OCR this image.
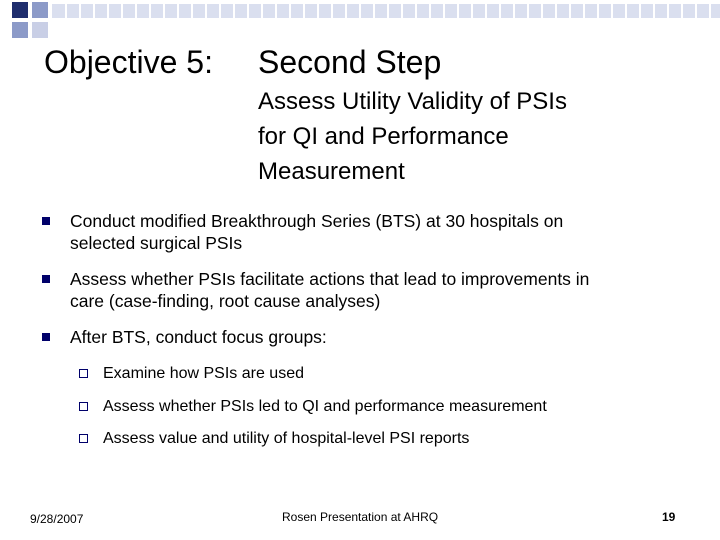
Objective 5: Second Step
Assess Utility Validity of PSIs
for QI and Performance
Measurement
Conduct modified Breakthrough Series (BTS) at 30 hospitals on
selected surgical PSIs
Assess whether PSIs facilitate actions that lead to improvements in
care (case-finding, root cause analyses)
After BTS, conduct focus groups:
Examine how PSIs are used
Assess whether PSIs led to QI and performance measurement
Assess value and utility of hospital-level PSI reports
9/28/2007	Rosen Presentation at AHRQ	19
